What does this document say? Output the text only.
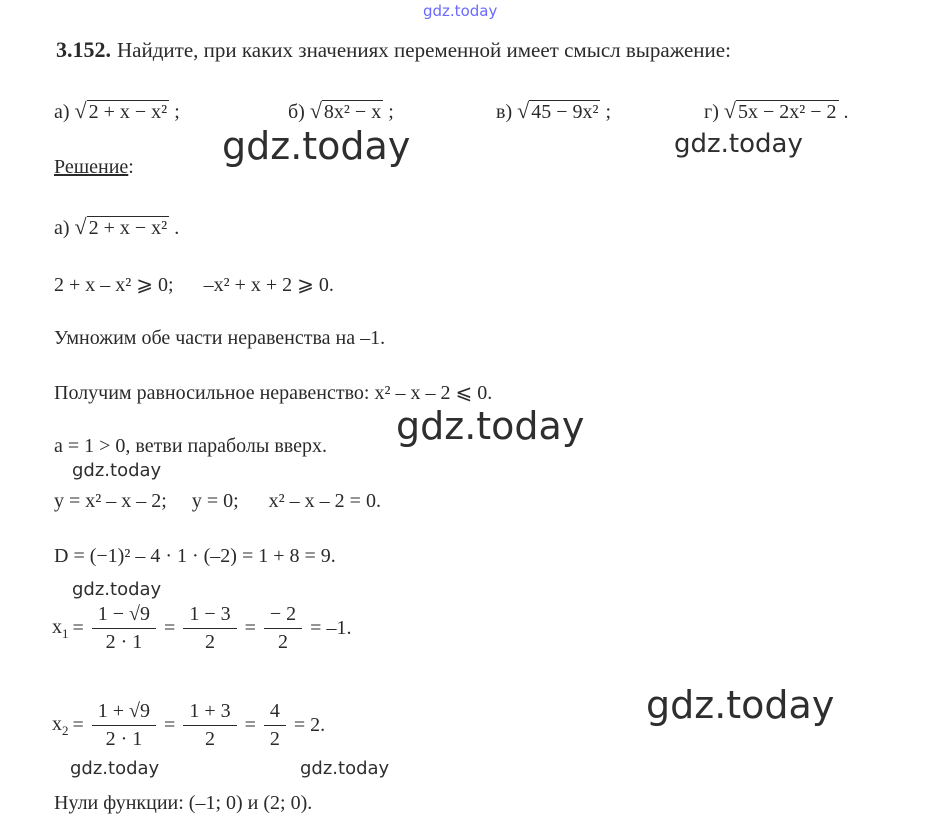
gdz.today
gdz.today	gdz.today
gdz.today
gdz.today
gdz.today
gdz.today
gdz.today	gdz.today
3.152. Найдите, при каких значениях переменной имеет смысл выражение:
а) √ 2 + x − x² ;	б) √ 8x² − x ;	в) √ 45 − 9x² ;	г) √ 5x − 2x² − 2 .
Решение:
а) √ 2 + x − x² .
2 + x – x² ⩾ 0;      –x² + x + 2 ⩾ 0.
Умножим обе части неравенства на –1.
Получим равносильное неравенство: x² – x – 2 ⩽ 0.
a = 1 > 0, ветви параболы вверх.
y = x² – x – 2;     y = 0;      x² – x – 2 = 0.
D = (−1)² – 4 · 1 · (–2) = 1 + 8 = 9.
$x_1 = \frac{1 - √9}{2 \cdot 1} = \frac{1 - 3}{2} = \frac{- 2}{2} = -1$.
$x_2 = \frac{1 + √9}{2 \cdot 1} = \frac{1 + 3}{2} = \frac{4}{2} = 2$.
Нули функции: (–1; 0) и (2; 0).
